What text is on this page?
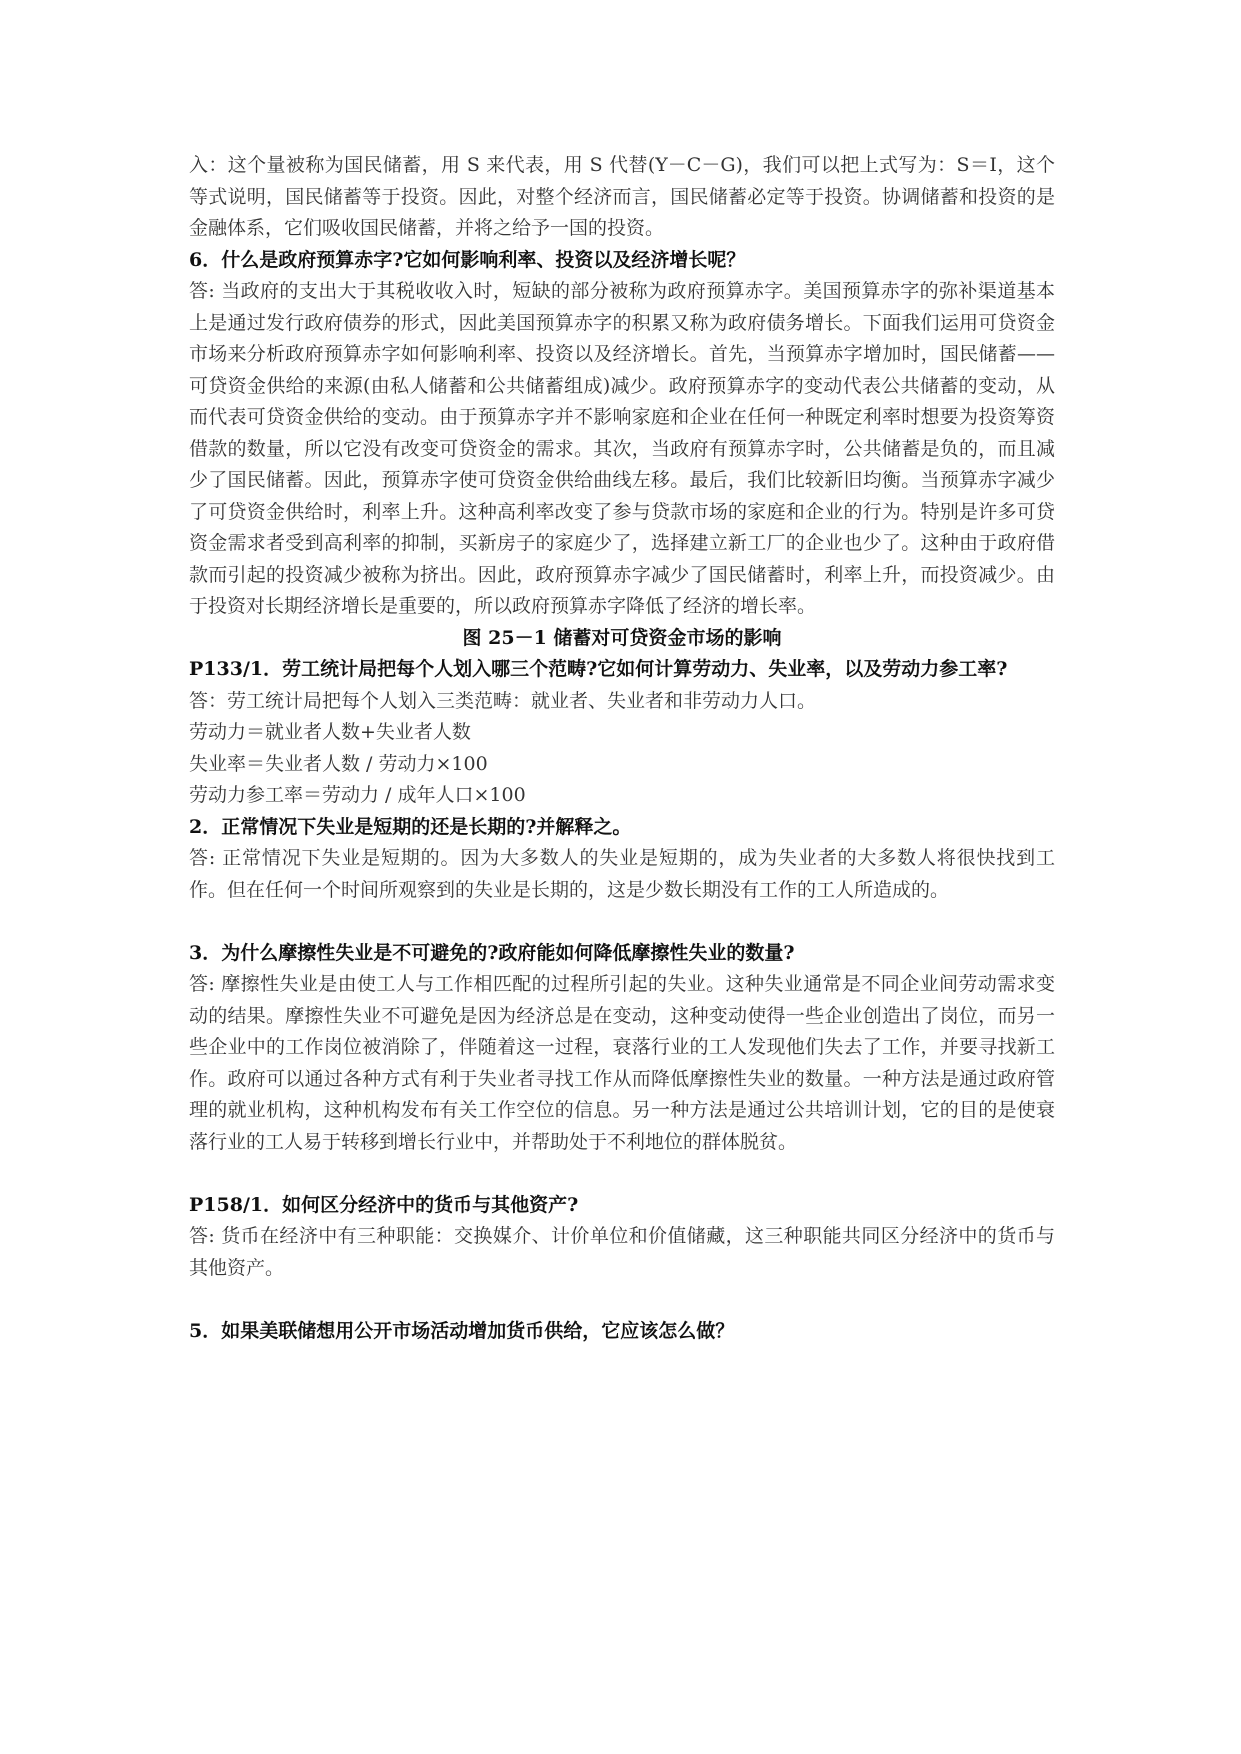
入：这个量被称为国民储蓄，用 S 来代表，用 S 代替(Y－C－G)，我们可以把上式写为：S＝I，这个等式说明，国民储蓄等于投资。因此，对整个经济而言，国民储蓄必定等于投资。协调储蓄和投资的是金融体系，它们吸收国民储蓄，并将之给予一国的投资。

6．什么是政府预算赤字?它如何影响利率、投资以及经济增长呢？

答: 当政府的支出大于其税收收入时，短缺的部分被称为政府预算赤字。美国预算赤字的弥补渠道基本上是通过发行政府债券的形式，因此美国预算赤字的积累又称为政府债务增长。下面我们运用可贷资金市场来分析政府预算赤字如何影响利率、投资以及经济增长。首先，当预算赤字增加时，国民储蓄——可贷资金供给的来源(由私人储蓄和公共储蓄组成)减少。政府预算赤字的变动代表公共储蓄的变动，从而代表可贷资金供给的变动。由于预算赤字并不影响家庭和企业在任何一种既定利率时想要为投资筹资借款的数量，所以它没有改变可贷资金的需求。其次，当政府有预算赤字时，公共储蓄是负的，而且减少了国民储蓄。因此，预算赤字使可贷资金供给曲线左移。最后，我们比较新旧均衡。当预算赤字减少了可贷资金供给时，利率上升。这种高利率改变了参与贷款市场的家庭和企业的行为。特别是许多可贷资金需求者受到高利率的抑制，买新房子的家庭少了，选择建立新工厂的企业也少了。这种由于政府借款而引起的投资减少被称为挤出。因此，政府预算赤字减少了国民储蓄时，利率上升，而投资减少。由于投资对长期经济增长是重要的，所以政府预算赤字降低了经济的增长率。

图 25－1 储蓄对可贷资金市场的影响

P133/1．劳工统计局把每个人划入哪三个范畴?它如何计算劳动力、失业率，以及劳动力参工率?

答：劳工统计局把每个人划入三类范畴：就业者、失业者和非劳动力人口。

劳动力＝就业者人数+失业者人数

失业率＝失业者人数 / 劳动力×100

劳动力参工率＝劳动力 / 成年人口×100

2．正常情况下失业是短期的还是长期的?并解释之。

答: 正常情况下失业是短期的。因为大多数人的失业是短期的，成为失业者的大多数人将很快找到工作。但在任何一个时间所观察到的失业是长期的，这是少数长期没有工作的工人所造成的。

3．为什么摩擦性失业是不可避免的?政府能如何降低摩擦性失业的数量?

答: 摩擦性失业是由使工人与工作相匹配的过程所引起的失业。这种失业通常是不同企业间劳动需求变动的结果。摩擦性失业不可避免是因为经济总是在变动，这种变动使得一些企业创造出了岗位，而另一些企业中的工作岗位被消除了，伴随着这一过程，衰落行业的工人发现他们失去了工作，并要寻找新工作。政府可以通过各种方式有利于失业者寻找工作从而降低摩擦性失业的数量。一种方法是通过政府管理的就业机构，这种机构发布有关工作空位的信息。另一种方法是通过公共培训计划，它的目的是使衰落行业的工人易于转移到增长行业中，并帮助处于不利地位的群体脱贫。

P158/1．如何区分经济中的货币与其他资产?

答: 货币在经济中有三种职能：交换媒介、计价单位和价值储藏，这三种职能共同区分经济中的货币与其他资产。

5．如果美联储想用公开市场活动增加货币供给，它应该怎么做？
